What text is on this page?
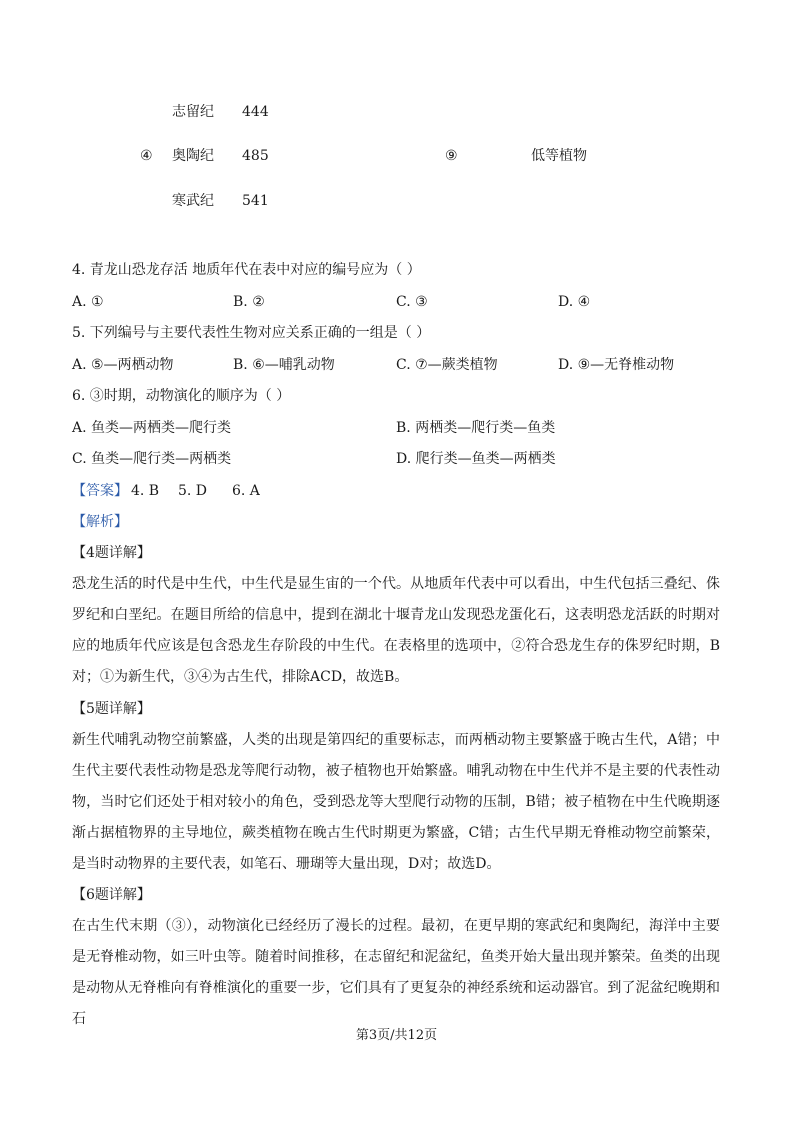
志留纪 444
④ 奥陶纪 485	⑨	低等植物
寒武纪 541
4. 青龙山恐龙存活 地质年代在表中对应的编号应为（ ）
A. ①	B. ②	C. ③	D. ④
5. 下列编号与主要代表性生物对应关系正确的一组是（ ）
A. ⑤—两栖动物	B. ⑥—哺乳动物	C. ⑦—蕨类植物	D. ⑨—无脊椎动物
6. ③时期，动物演化的顺序为（ ）
A. 鱼类—两栖类—爬行类	B. 两栖类—爬行类—鱼类
C. 鱼类—爬行类—两栖类	D. 爬行类—鱼类—两栖类
【答案】 4. B 5. D 6. A
【解析】
【4题详解】
恐龙生活的时代是中生代，中生代是显生宙的一个代。从地质年代表中可以看出，中生代包括三叠纪、侏罗纪和白垩纪。在题目所给的信息中，提到在湖北十堰青龙山发现恐龙蛋化石，这表明恐龙活跃的时期对应的地质年代应该是包含恐龙生存阶段的中生代。在表格里的选项中，②符合恐龙生存的侏罗纪时期，B对；①为新生代，③④为古生代，排除ACD，故选B。
【5题详解】
新生代哺乳动物空前繁盛，人类的出现是第四纪的重要标志，而两栖动物主要繁盛于晚古生代，A错；中生代主要代表性动物是恐龙等爬行动物，被子植物也开始繁盛。哺乳动物在中生代并不是主要的代表性动物，当时它们还处于相对较小的角色，受到恐龙等大型爬行动物的压制，B错；被子植物在中生代晚期逐渐占据植物界的主导地位，蕨类植物在晚古生代时期更为繁盛，C错；古生代早期无脊椎动物空前繁荣，是当时动物界的主要代表，如笔石、珊瑚等大量出现，D对；故选D。
【6题详解】
在古生代末期（③），动物演化已经经历了漫长的过程。最初，在更早期的寒武纪和奥陶纪，海洋中主要是无脊椎动物，如三叶虫等。随着时间推移，在志留纪和泥盆纪，鱼类开始大量出现并繁荣。鱼类的出现是动物从无脊椎向有脊椎演化的重要一步，它们具有了更复杂的神经系统和运动器官。到了泥盆纪晚期和石
第3页/共12页
